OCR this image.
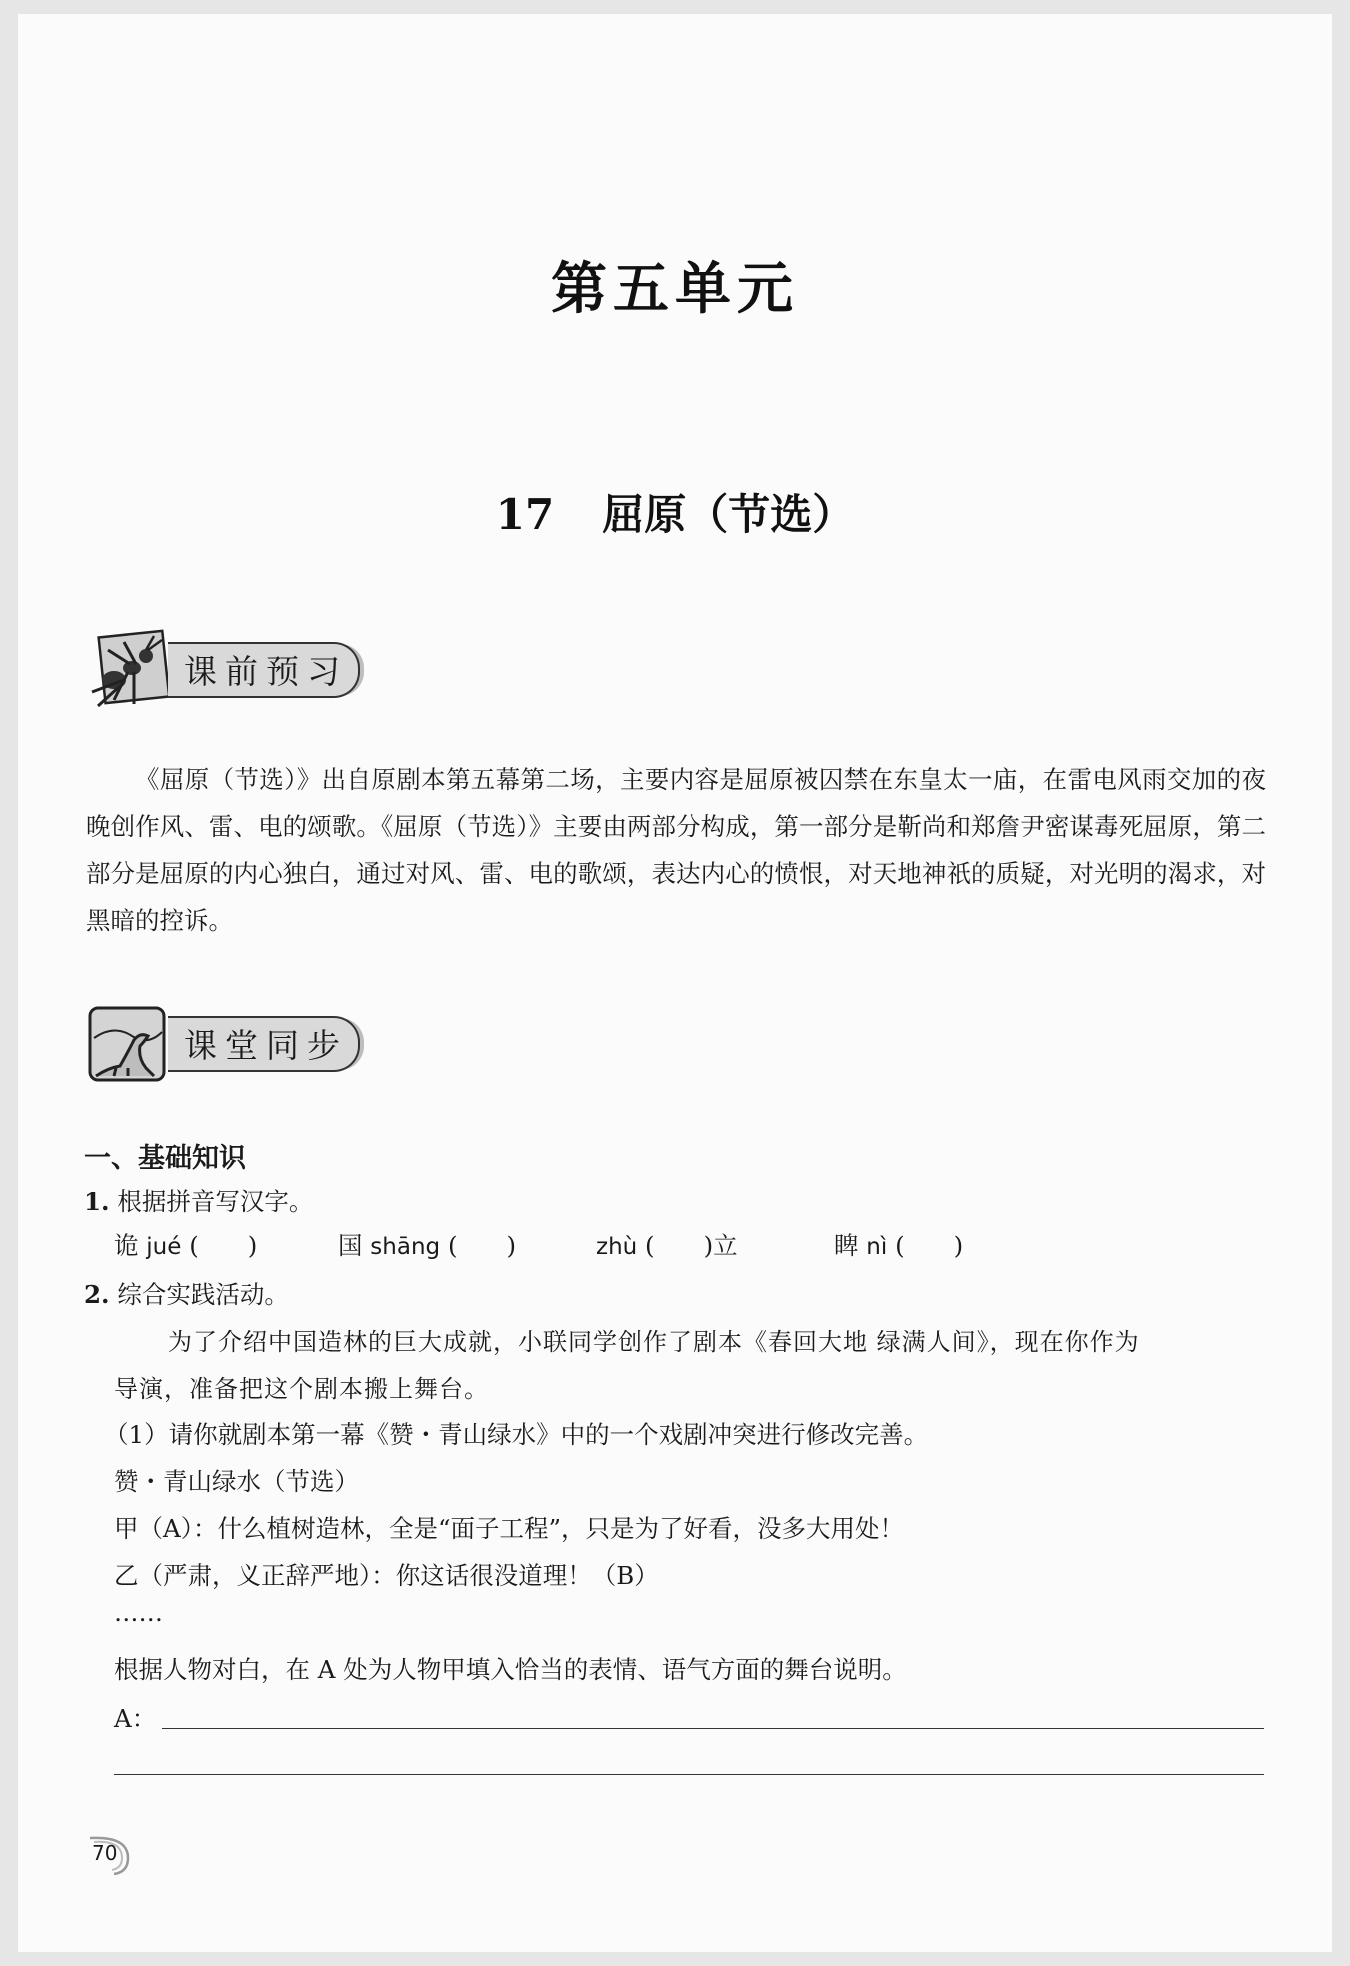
第五单元
17 屈原（节选）
课前预习

《屈原（节选）》出自原剧本第五幕第二场，主要内容是屈原被囚禁在东皇太一庙，在雷电风雨交加的夜晚创作风、雷、电的颂歌。《屈原（节选）》主要由两部分构成，第一部分是靳尚和郑詹尹密谋毒死屈原，第二部分是屈原的内心独白，通过对风、雷、电的歌颂，表达内心的愤恨，对天地神祇的质疑，对光明的渴求，对黑暗的控诉。

课堂同步
一、基础知识
1. 根据拼音写汉字。
诡 jué (　　)	国 shāng (　　)	zhù (　　)立	睥 nì (　　)
2. 综合实践活动。
为了介绍中国造林的巨大成就，小联同学创作了剧本《春回大地 绿满人间》，现在你作为
导演，准备把这个剧本搬上舞台。
（1）请你就剧本第一幕《赞・青山绿水》中的一个戏剧冲突进行修改完善。
赞・青山绿水（节选）
甲（A）：什么植树造林，全是“面子工程”，只是为了好看，没多大用处！
乙（严肃，义正辞严地）：你这话很没道理！（B）
……
根据人物对白，在 A 处为人物甲填入恰当的表情、语气方面的舞台说明。
A：
70
